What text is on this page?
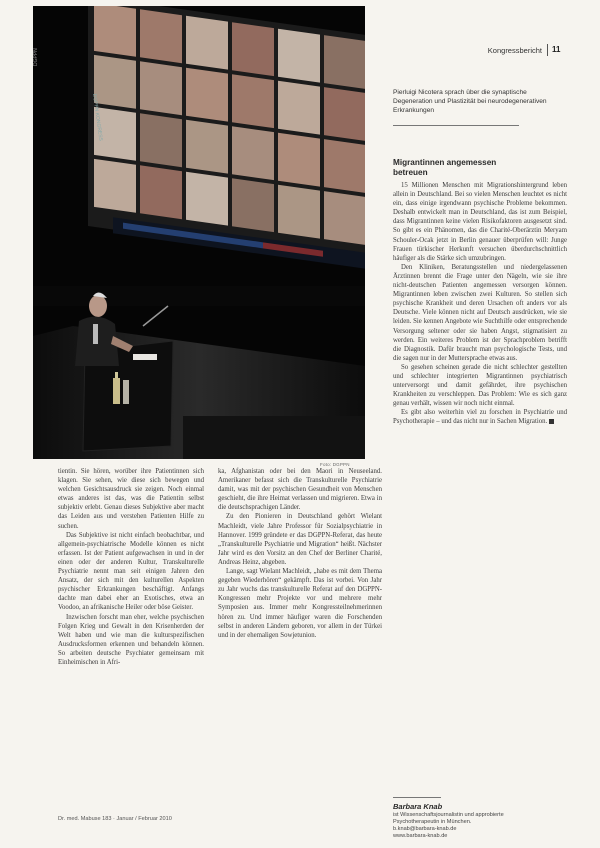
Kongressbericht 11
DGPPN
DGPPN KONGRESS
Foto: DGPPN
Pierluigi Nicotera sprach über die synaptische Degeneration und Plastizität bei neurodegenerativen Erkrankungen
Migrantinnen angemessen
betreuen

15 Millionen Menschen mit Migrationshintergrund leben allein in Deutschland. Bei so vielen Menschen leuchtet es nicht ein, dass einige irgendwann psychische Probleme bekommen. Deshalb entwickelt man in Deutschland, das ist zum Beispiel, dass Migrantinnen keine vielen Risikofaktoren ausgesetzt sind. So gibt es ein Phänomen, das die Charité-Oberärztin Meryam Schouler-Ocak jetzt in Berlin genauer überprüfen will: Junge Frauen türkischer Herkunft versuchen überdurchschnittlich häufiger als die Stärke sich umzubringen.

Den Kliniken, Beratungsstellen und niedergelassenen Ärztinnen brennt die Frage unter den Nägeln, wie sie ihre nicht-deutschen Patienten angemessen versorgen können. Migrantinnen leben zwischen zwei Kulturen. So stellen sich psychische Krankheit und deren Ursachen oft anders vor als Deutsche. Viele können nicht auf Deutsch ausdrücken, wie sie leiden. Sie kennen Angebote wie Suchthilfe oder entsprechende Versorgung seltener oder sie haben Angst, stigmatisiert zu werden. Ein weiteres Problem ist der Sprachproblem betrifft die Diagnostik. Dafür braucht man psychologische Tests, und die sagen nur in der Muttersprache etwas aus.

So gesehen scheinen gerade die nicht schlechter gestellten und schlechter integrierten Migrantinnen psychiatrisch unterversorgt und damit gefährdet, ihre psychischen Krankheiten zu verschleppen. Das Problem: Wie es sich ganz genau verhält, wissen wir noch nicht einmal.

Es gibt also weiterhin viel zu forschen in Psychiatrie und Psychotherapie – und das nicht nur in Sachen Migration.

tientin. Sie hören, worüber ihre Patientinnen sich klagen. Sie sehen, wie diese sich bewegen und welchen Gesichtsausdruck sie zeigen. Noch einmal etwas anderes ist das, was die Patientin selbst subjektiv erlebt. Genau dieses Subjektive aber macht das Leiden aus und verstehen Patienten Hilfe zu suchen.

Das Subjektive ist nicht einfach beobachtbar, und allgemein-psychiatrische Modelle können es nicht erfassen. Ist der Patient aufgewachsen in und in der einen oder der anderen Kultur, Transkulturelle Psychiatrie nennt man seit einigen Jahren den Ansatz, der sich mit den kulturellen Aspekten psychischer Erkrankungen beschäftigt. Anfangs dachte man dabei eher an Exotisches, etwa an Voodoo, an afrikanische Heiler oder böse Geister.

Inzwischen forscht man eher, welche psychischen Folgen Krieg und Gewalt in den Krisenherden der Welt haben und wie man die kulturspezifischen Ausdrucksformen erkennen und behandeln können. So arbeiten deutsche Psychiater gemeinsam mit Einheimischen in Afri-

ka, Afghanistan oder bei den Maori in Neuseeland. Amerikaner befasst sich die Transkulturelle Psychiatrie damit, was mit der psychischen Gesundheit von Menschen geschieht, die ihre Heimat verlassen und migrieren. Etwa in die deutschsprachigen Länder.

Zu den Pionieren in Deutschland gehört Wielant Machleidt, viele Jahre Professor für Sozialpsychiatrie in Hannover. 1999 gründete er das DGPPN-Referat, das heute „Transkulturelle Psychiatrie und Migration“ heißt. Nächster Jahr wird es den Vorsitz an den Chef der Berliner Charité, Andreas Heinz, abgeben.

Lange, sagt Wielant Machleidt, „habe es mit dem Thema gegeben Wiederhören“ gekämpft. Das ist vorbei. Von Jahr zu Jahr wuchs das transkulturelle Referat auf den DGPPN-Kongressen mehr Projekte vor und mehrere mehr Symposien aus. Immer mehr Kongressteilnehmerinnen hören zu. Und immer häufiger waren die Forschenden selbst in anderen Ländern geboren, vor allem in der Türkei und in der ehemaligen Sowjetunion.

Barbara Knab
ist Wissenschaftsjournalistin und approbierte
Psychotherapeutin in München.
b.knab@barbara-knab.de
www.barbara-knab.de
Dr. med. Mabuse 183 · Januar / Februar 2010
